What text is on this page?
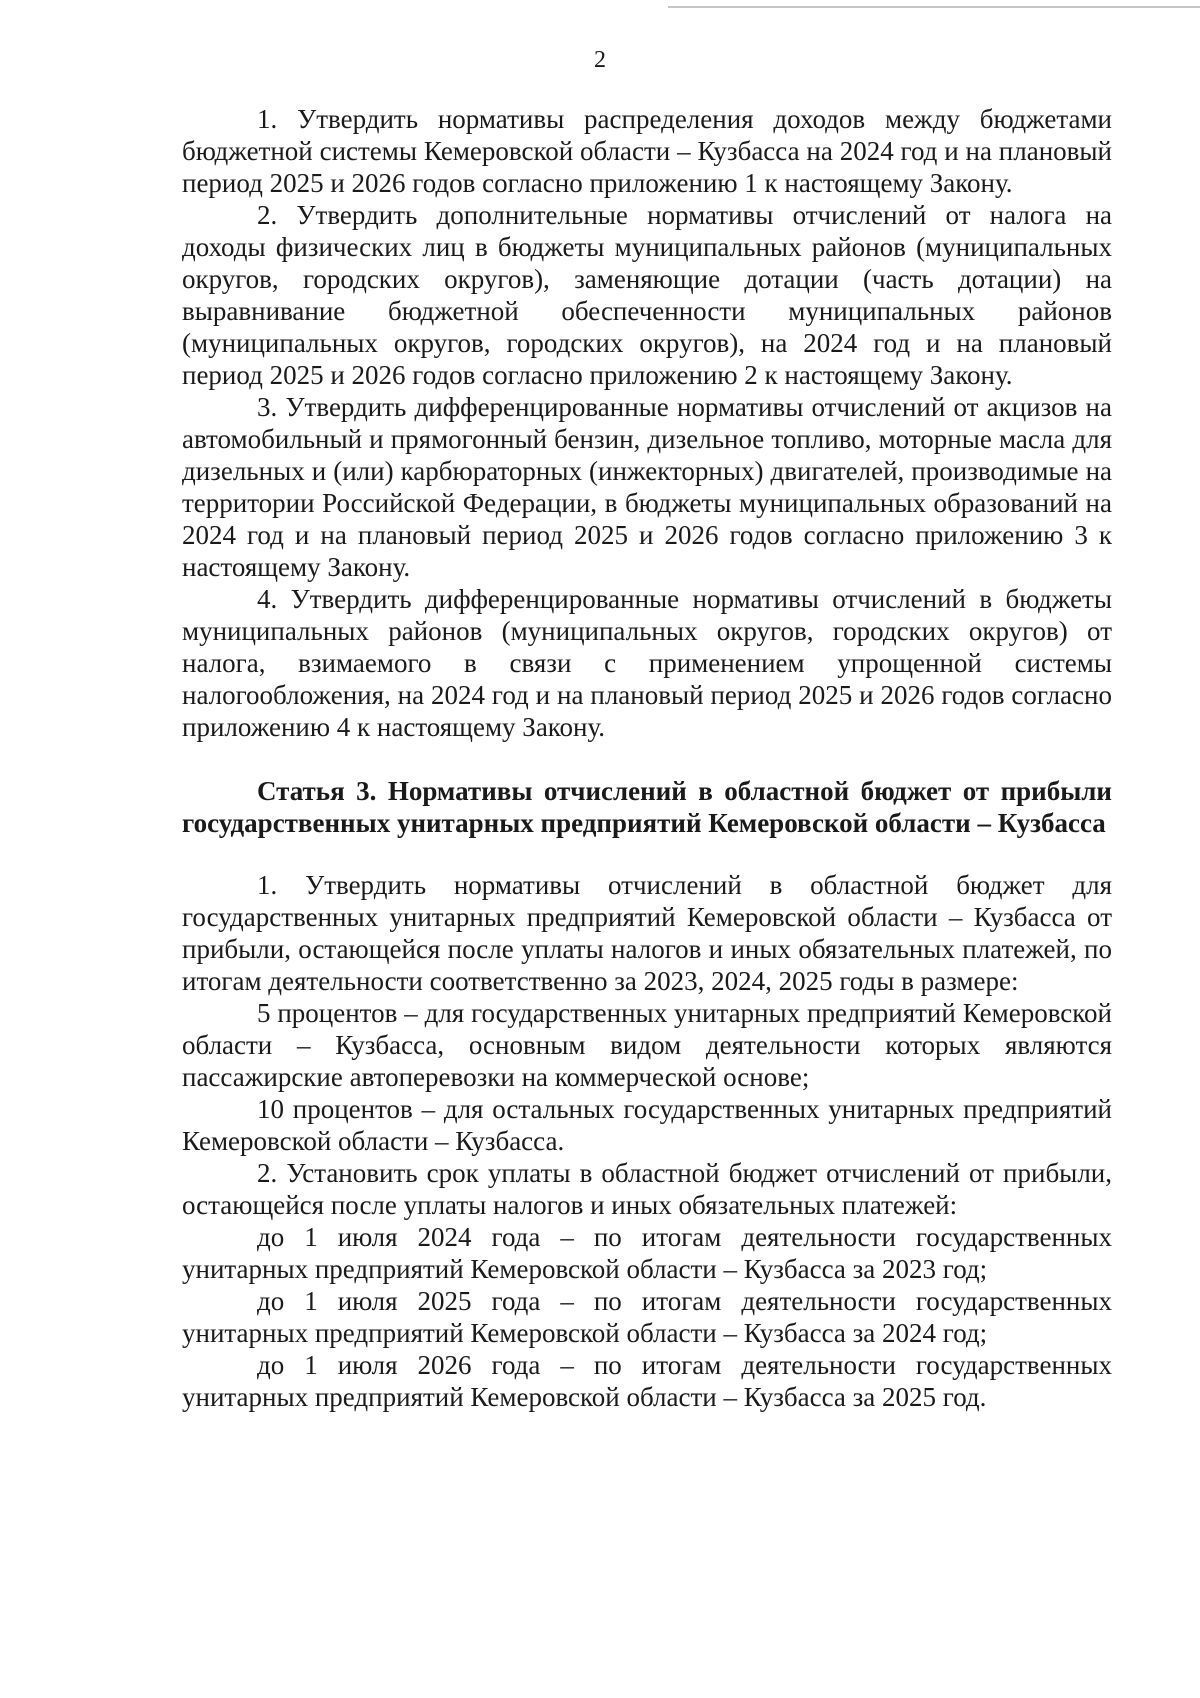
2

1. Утвердить нормативы распределения доходов между бюджетами бюджетной системы Кемеровской области – Кузбасса на 2024 год и на плановый период 2025 и 2026 годов согласно приложению 1 к настоящему Закону.

2. Утвердить дополнительные нормативы отчислений от налога на доходы физических лиц в бюджеты муниципальных районов (муниципальных округов, городских округов), заменяющие дотации (часть дотации) на выравнивание бюджетной обеспеченности муниципальных районов (муниципальных округов, городских округов), на 2024 год и на плановый период 2025 и 2026 годов согласно приложению 2 к настоящему Закону.

3. Утвердить дифференцированные нормативы отчислений от акцизов на автомобильный и прямогонный бензин, дизельное топливо, моторные масла для дизельных и (или) карбюраторных (инжекторных) двигателей, производимые на территории Российской Федерации, в бюджеты муниципальных образований на 2024 год и на плановый период 2025 и 2026 годов согласно приложению 3 к настоящему Закону.

4. Утвердить дифференцированные нормативы отчислений в бюджеты муниципальных районов (муниципальных округов, городских округов) от налога, взимаемого в связи с применением упрощенной системы налогообложения, на 2024 год и на плановый период 2025 и 2026 годов согласно приложению 4 к настоящему Закону.

Статья 3. Нормативы отчислений в областной бюджет от прибыли государственных унитарных предприятий Кемеровской области – Кузбасса

1. Утвердить нормативы отчислений в областной бюджет для государственных унитарных предприятий Кемеровской области – Кузбасса от прибыли, остающейся после уплаты налогов и иных обязательных платежей, по итогам деятельности соответственно за 2023, 2024, 2025 годы в размере:

5 процентов – для государственных унитарных предприятий Кемеровской области – Кузбасса, основным видом деятельности которых являются пассажирские автоперевозки на коммерческой основе;

10 процентов – для остальных государственных унитарных предприятий Кемеровской области – Кузбасса.

2. Установить срок уплаты в областной бюджет отчислений от прибыли, остающейся после уплаты налогов и иных обязательных платежей:

до 1 июля 2024 года – по итогам деятельности государственных унитарных предприятий Кемеровской области – Кузбасса за 2023 год;

до 1 июля 2025 года – по итогам деятельности государственных унитарных предприятий Кемеровской области – Кузбасса за 2024 год;

до 1 июля 2026 года – по итогам деятельности государственных унитарных предприятий Кемеровской области – Кузбасса за 2025 год.
